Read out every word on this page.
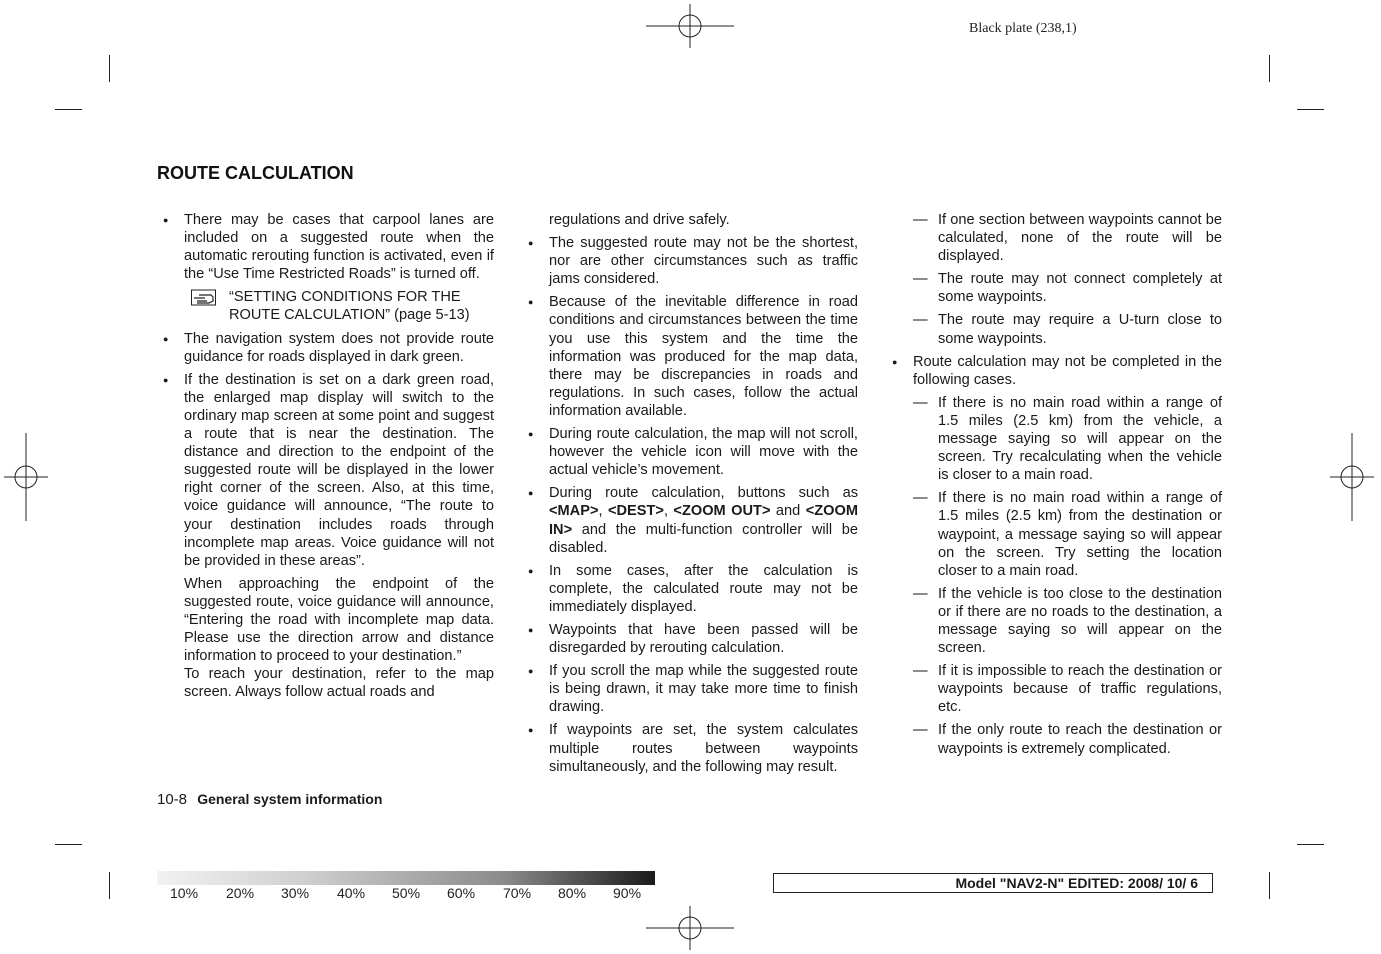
Black plate (238,1)
ROUTE CALCULATION
● There may be cases that carpool lanes are included on a suggested route when the automatic rerouting function is activated, even if the “Use Time Restricted Roads” is turned off.
“SETTING CONDITIONS FOR THE ROUTE CALCULATION” (page 5-13)
● The navigation system does not provide route guidance for roads displayed in dark green.
● If the destination is set on a dark green road, the enlarged map display will switch to the ordinary map screen at some point and suggest a route that is near the destination. The distance and direction to the endpoint of the suggested route will be displayed in the lower right corner of the screen. Also, at this time, voice guidance will announce, “The route to your destination includes roads through incomplete map areas. Voice guidance will not be provided in these areas”.
When approaching the endpoint of the suggested route, voice guidance will announce, “Entering the road with incomplete map data. Please use the direction arrow and distance information to proceed to your destination.”
To reach your destination, refer to the map screen. Always follow actual roads and
regulations and drive safely.
● The suggested route may not be the shortest, nor are other circumstances such as traffic jams considered.
● Because of the inevitable difference in road conditions and circumstances between the time you use this system and the time the information was produced for the map data, there may be discrepancies in roads and regulations. In such cases, follow the actual information available.
● During route calculation, the map will not scroll, however the vehicle icon will move with the actual vehicle’s movement.
● During route calculation, buttons such as <MAP>, <DEST>, <ZOOM OUT> and <ZOOM IN> and the multi-function controller will be disabled.
● In some cases, after the calculation is complete, the calculated route may not be immediately displayed.
● Waypoints that have been passed will be disregarded by rerouting calculation.
● If you scroll the map while the suggested route is being drawn, it may take more time to finish drawing.
● If waypoints are set, the system calculates multiple routes between waypoints simultaneously, and the following may result.
— If one section between waypoints cannot be calculated, none of the route will be displayed.
— The route may not connect completely at some waypoints.
— The route may require a U-turn close to some waypoints.
● Route calculation may not be completed in the following cases.
— If there is no main road within a range of 1.5 miles (2.5 km) from the vehicle, a message saying so will appear on the screen. Try recalculating when the vehicle is closer to a main road.
— If there is no main road within a range of 1.5 miles (2.5 km) from the destination or waypoint, a message saying so will appear on the screen. Try setting the location closer to a main road.
— If the vehicle is too close to the destination or if there are no roads to the destination, a message saying so will appear on the screen.
— If it is impossible to reach the destination or waypoints because of traffic regulations, etc.
— If the only route to reach the destination or waypoints is extremely complicated.
10-8 General system information
10% 20% 30% 40% 50% 60% 70% 80% 90%
Model "NAV2-N" EDITED: 2008/ 10/ 6
